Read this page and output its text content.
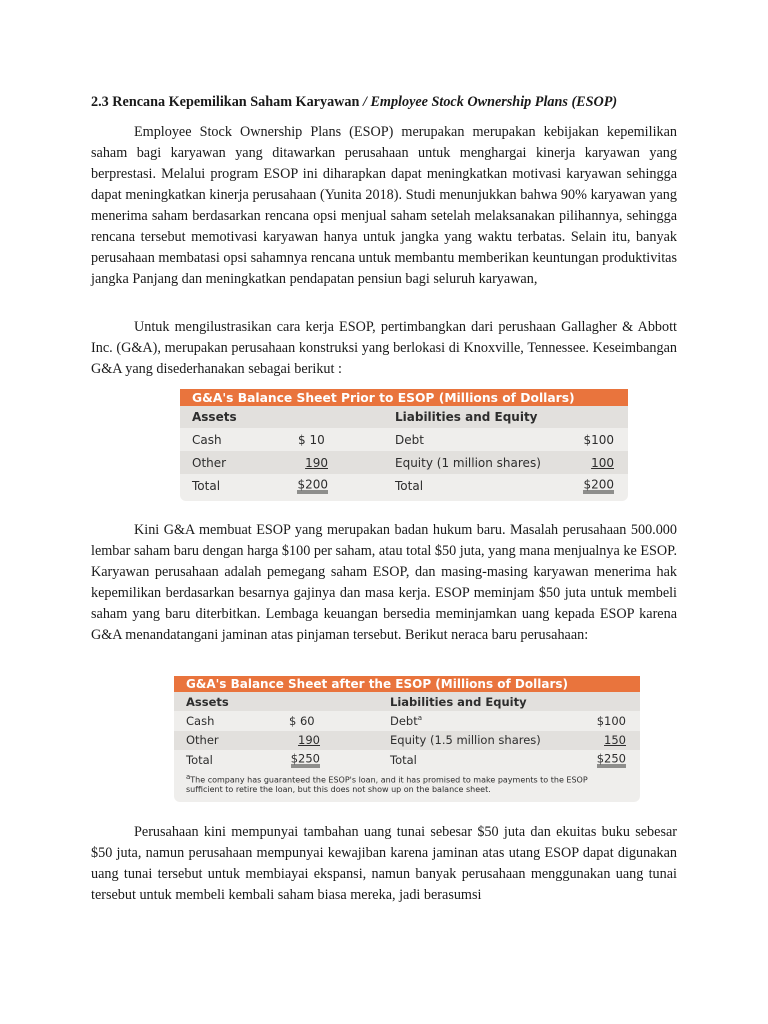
2.3 Rencana Kepemilikan Saham Karyawan / Employee Stock Ownership Plans (ESOP)

Employee Stock Ownership Plans (ESOP) merupakan merupakan kebijakan kepemilikan saham bagi karyawan yang ditawarkan perusahaan untuk menghargai kinerja karyawan yang berprestasi. Melalui program ESOP ini diharapkan dapat meningkatkan motivasi karyawan sehingga dapat meningkatkan kinerja perusahaan (Yunita 2018). Studi menunjukkan bahwa 90% karyawan yang menerima saham berdasarkan rencana opsi menjual saham setelah melaksanakan pilihannya, sehingga rencana tersebut memotivasi karyawan hanya untuk jangka yang waktu terbatas. Selain itu, banyak perusahaan membatasi opsi sahamnya rencana untuk membantu memberikan keuntungan produktivitas jangka Panjang dan meningkatkan pendapatan pensiun bagi seluruh karyawan,

Untuk mengilustrasikan cara kerja ESOP, pertimbangkan dari perushaan Gallagher & Abbott Inc. (G&A), merupakan perusahaan konstruksi yang berlokasi di Knoxville, Tennessee. Keseimbangan G&A yang disederhanakan sebagai berikut :

G&A's Balance Sheet Prior to ESOP (Millions of Dollars)
Assets	Liabilities and Equity
Cash	$ 10	Debt	$100
Other	190	Equity (1 million shares)	100
Total	$200	Total	$200

Kini G&A membuat ESOP yang merupakan badan hukum baru. Masalah perusahaan 500.000 lembar saham baru dengan harga $100 per saham, atau total $50 juta, yang mana menjualnya ke ESOP. Karyawan perusahaan adalah pemegang saham ESOP, dan masing-masing karyawan menerima hak kepemilikan berdasarkan besarnya gajinya dan masa kerja. ESOP meminjam $50 juta untuk membeli saham yang baru diterbitkan. Lembaga keuangan bersedia meminjamkan uang kepada ESOP karena G&A menandatangani jaminan atas pinjaman tersebut. Berikut neraca baru perusahaan:

G&A's Balance Sheet after the ESOP (Millions of Dollars)
Assets	Liabilities and Equity
Cash	$ 60	Debt$^a$	$100
Other	190	Equity (1.5 million shares)	150
Total	$250	Total	$250
$^a$The company has guaranteed the ESOP's loan, and it has promised to make payments to the ESOP
sufficient to retire the loan, but this does not show up on the balance sheet.

Perusahaan kini mempunyai tambahan uang tunai sebesar $50 juta dan ekuitas buku sebesar $50 juta, namun perusahaan mempunyai kewajiban karena jaminan atas utang ESOP dapat digunakan uang tunai tersebut untuk membiayai ekspansi, namun banyak perusahaan menggunakan uang tunai tersebut untuk membeli kembali saham biasa mereka, jadi berasumsi
